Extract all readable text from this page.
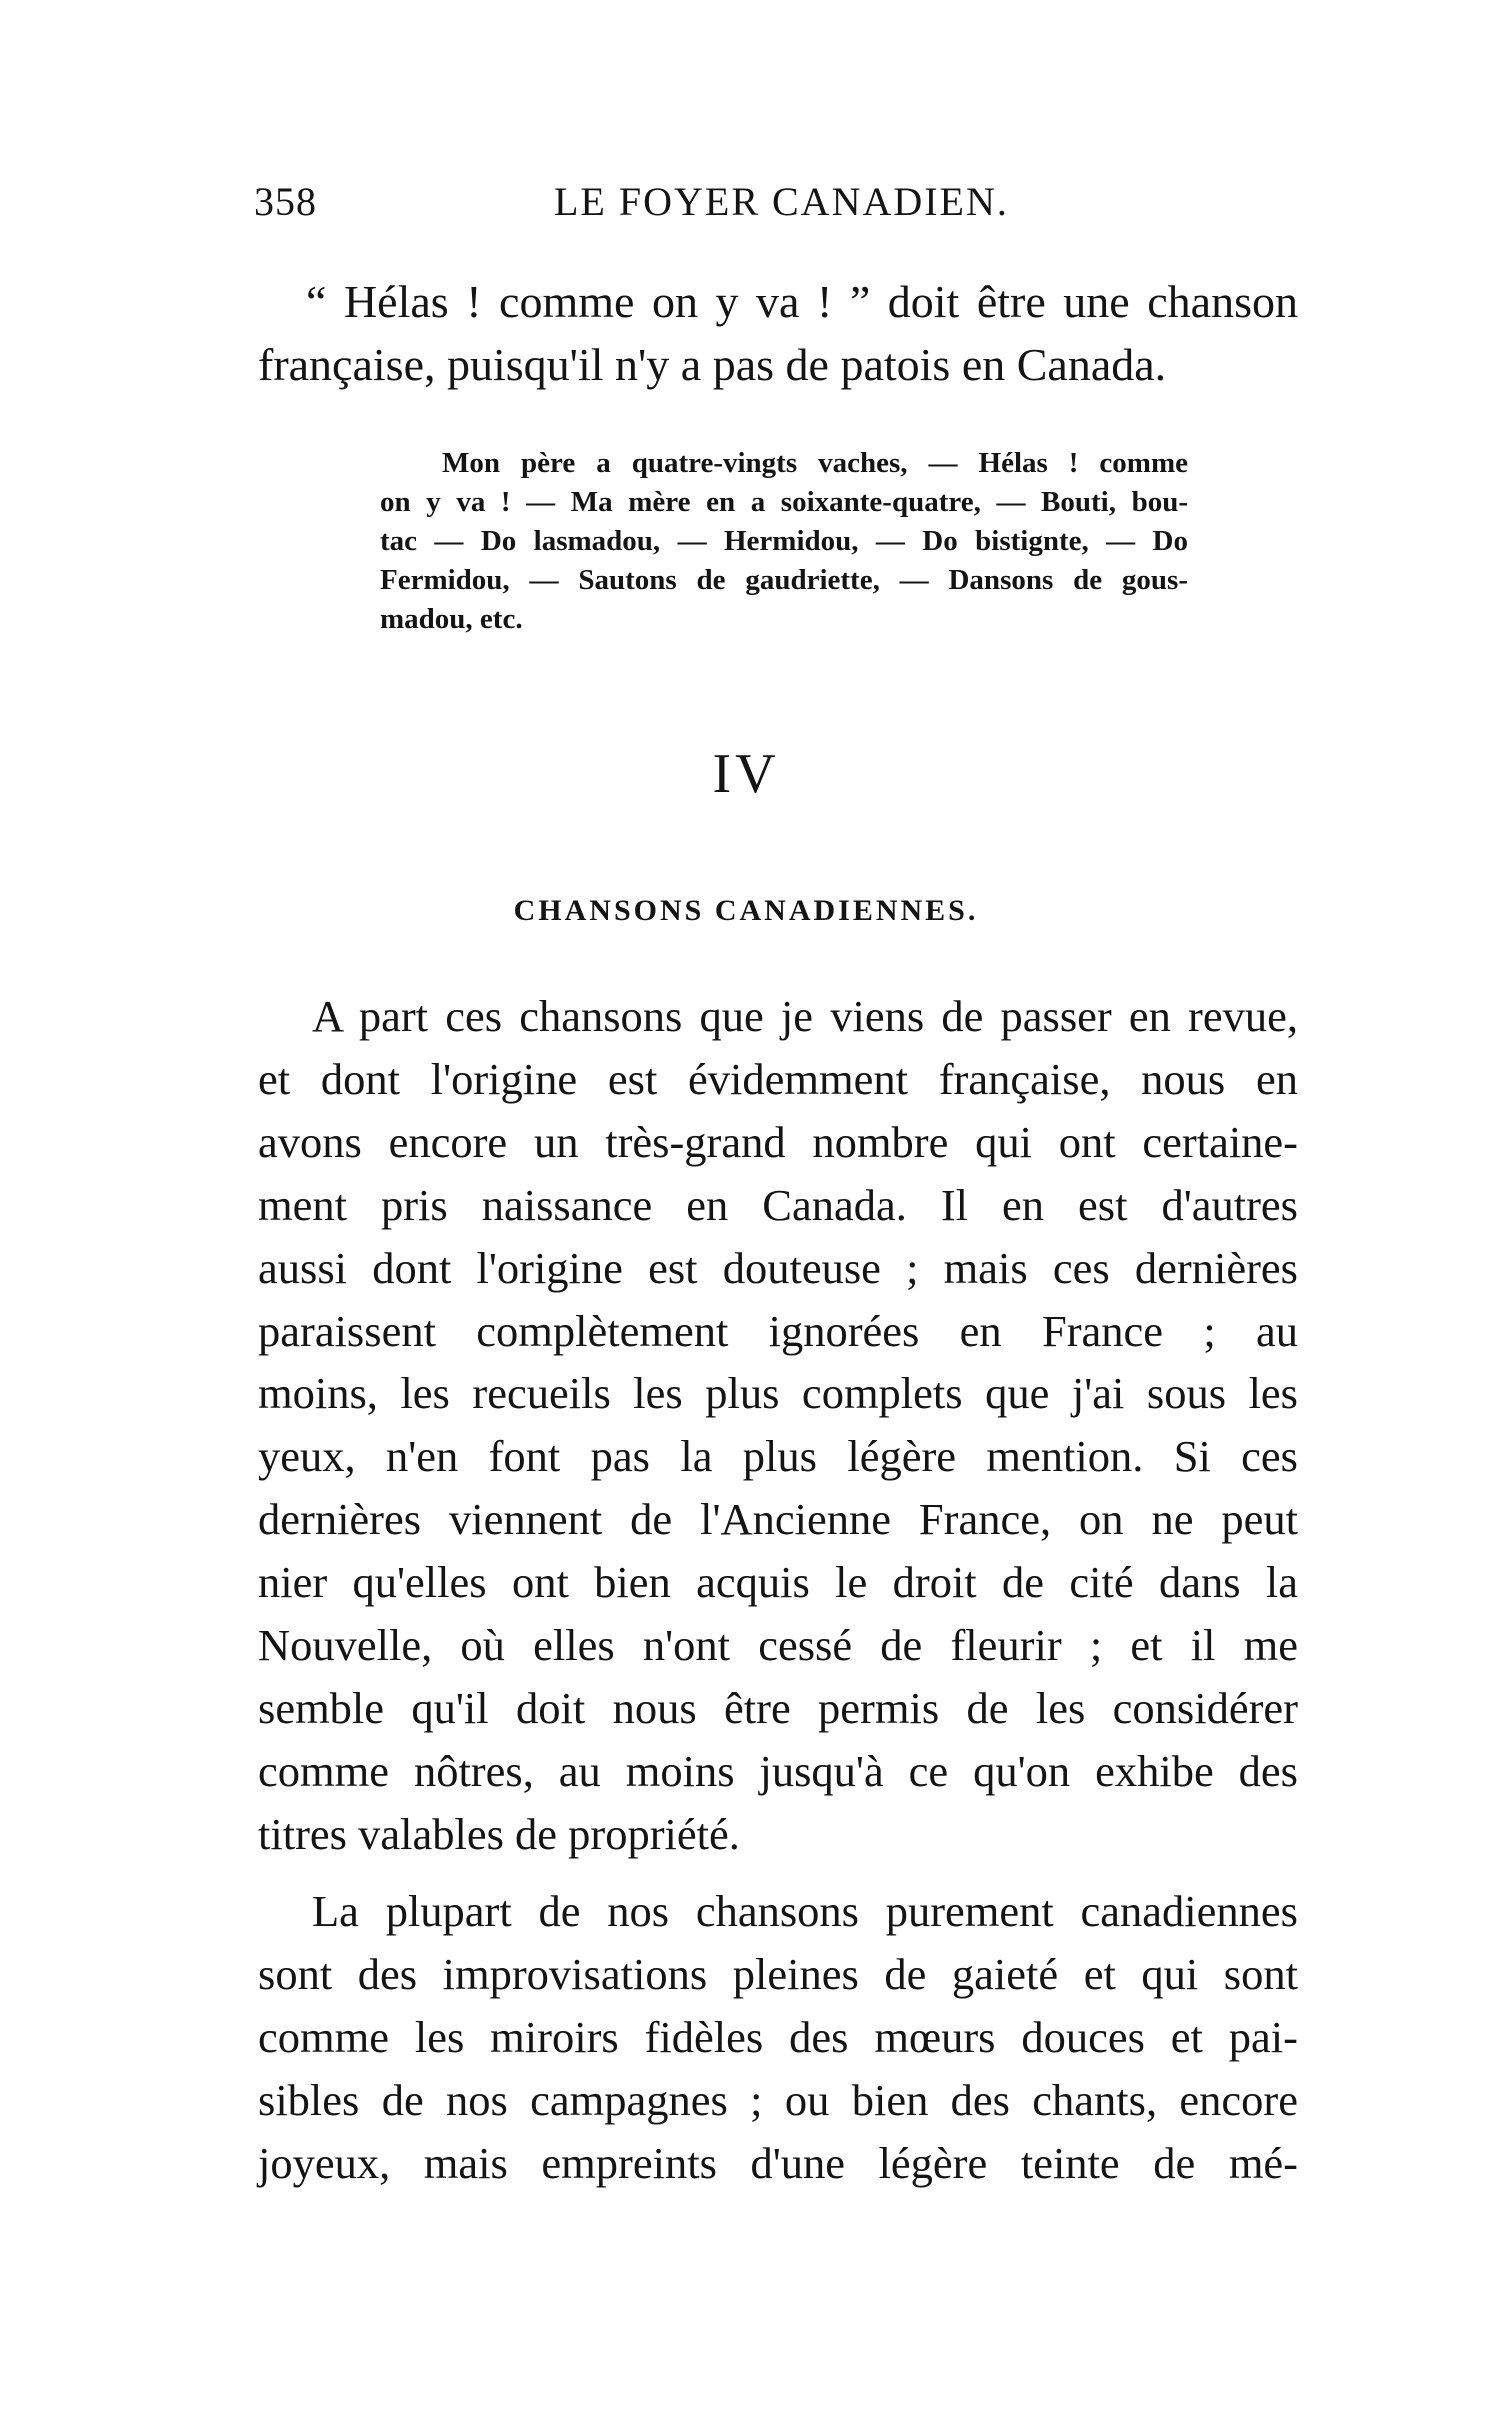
358	LE FOYER CANADIEN.
“ Hélas ! comme on y va ! ” doit être une chanson
française, puisqu'il n'y a pas de patois en Canada.
Mon père a quatre-vingts vaches, — Hélas ! comme
on y va ! — Ma mère en a soixante-quatre, — Bouti, bou-
tac — Do lasmadou, — Hermidou, — Do bistignte, — Do
Fermidou, — Sautons de gaudriette, — Dansons de gous-
madou, etc.
IV
CHANSONS CANADIENNES.
A part ces chansons que je viens de passer en revue,
et dont l'origine est évidemment française, nous en
avons encore un très-grand nombre qui ont certaine-
ment pris naissance en Canada. Il en est d'autres
aussi dont l'origine est douteuse ; mais ces dernières
paraissent complètement ignorées en France ; au
moins, les recueils les plus complets que j'ai sous les
yeux, n'en font pas la plus légère mention. Si ces
dernières viennent de l'Ancienne France, on ne peut
nier qu'elles ont bien acquis le droit de cité dans la
Nouvelle, où elles n'ont cessé de fleurir ; et il me
semble qu'il doit nous être permis de les considérer
comme nôtres, au moins jusqu'à ce qu'on exhibe des
titres valables de propriété.
La plupart de nos chansons purement canadiennes
sont des improvisations pleines de gaieté et qui sont
comme les miroirs fidèles des mœurs douces et pai-
sibles de nos campagnes ; ou bien des chants, encore
joyeux, mais empreints d'une légère teinte de mé-
